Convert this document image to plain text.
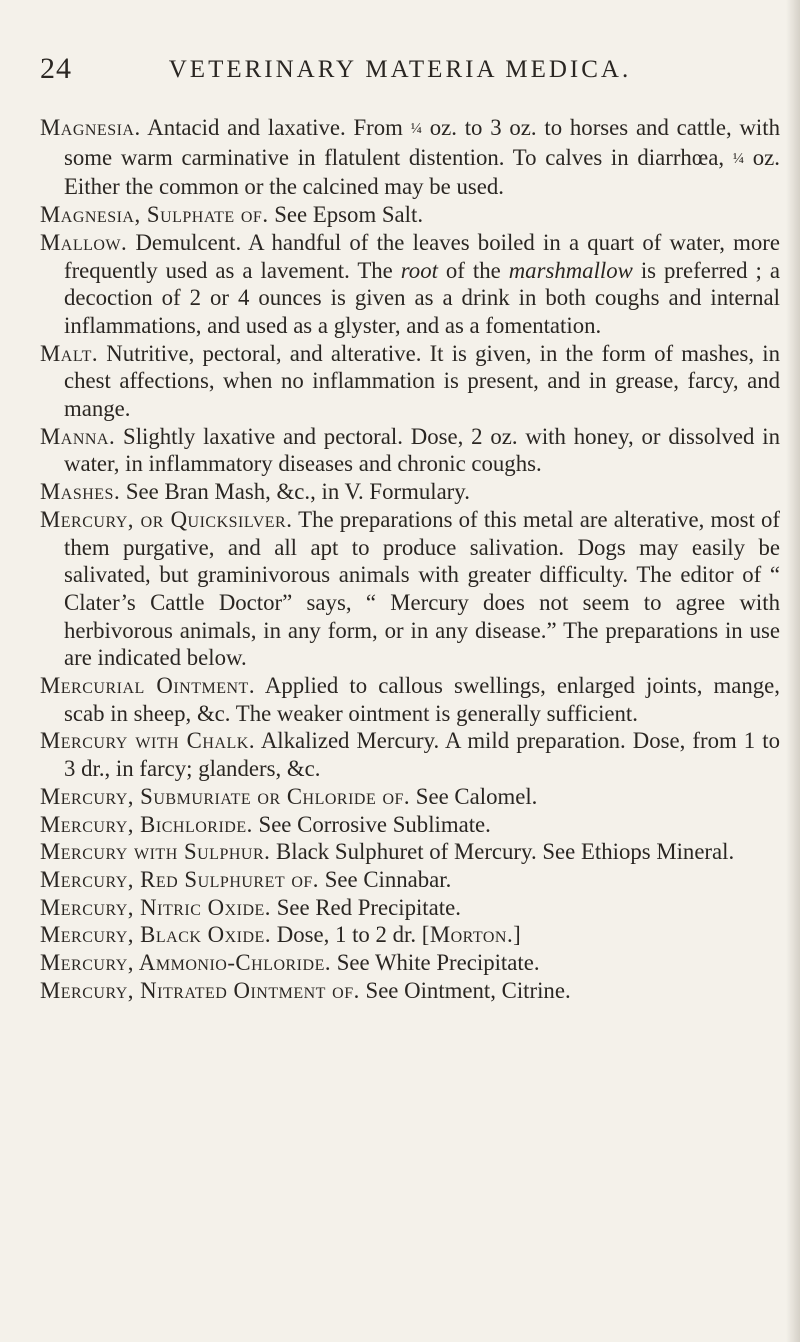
24	VETERINARY MATERIA MEDICA.

Magnesia. Antacid and laxative. From ¼ oz. to 3 oz. to horses and cattle, with some warm carminative in flatulent distention. To calves in diarrhœa, ¼ oz. Either the common or the calcined may be used.

Magnesia, Sulphate of. See Epsom Salt.

Mallow. Demulcent. A handful of the leaves boiled in a quart of water, more frequently used as a lavement. The root of the marshmallow is preferred ; a decoction of 2 or 4 ounces is given as a drink in both coughs and internal inflammations, and used as a glyster, and as a fomentation.

Malt. Nutritive, pectoral, and alterative. It is given, in the form of mashes, in chest affections, when no inflammation is present, and in grease, farcy, and mange.

Manna. Slightly laxative and pectoral. Dose, 2 oz. with honey, or dissolved in water, in inflammatory diseases and chronic coughs.

Mashes. See Bran Mash, &c., in V. Formulary.

Mercury, or Quicksilver. The preparations of this metal are alterative, most of them purgative, and all apt to produce salivation. Dogs may easily be salivated, but graminivorous animals with greater difficulty. The editor of “ Clater’s Cattle Doctor” says, “ Mercury does not seem to agree with herbivorous animals, in any form, or in any disease.” The preparations in use are indicated below.

Mercurial Ointment. Applied to callous swellings, enlarged joints, mange, scab in sheep, &c. The weaker ointment is generally sufficient.

Mercury with Chalk. Alkalized Mercury. A mild preparation. Dose, from 1 to 3 dr., in farcy; glanders, &c.

Mercury, Submuriate or Chloride of. See Calomel.

Mercury, Bichloride. See Corrosive Sublimate.

Mercury with Sulphur. Black Sulphuret of Mercury. See Ethiops Mineral.

Mercury, Red Sulphuret of. See Cinnabar.

Mercury, Nitric Oxide. See Red Precipitate.

Mercury, Black Oxide. Dose, 1 to 2 dr. [Morton.]

Mercury, Ammonio-Chloride. See White Precipitate.

Mercury, Nitrated Ointment of. See Ointment, Citrine.
